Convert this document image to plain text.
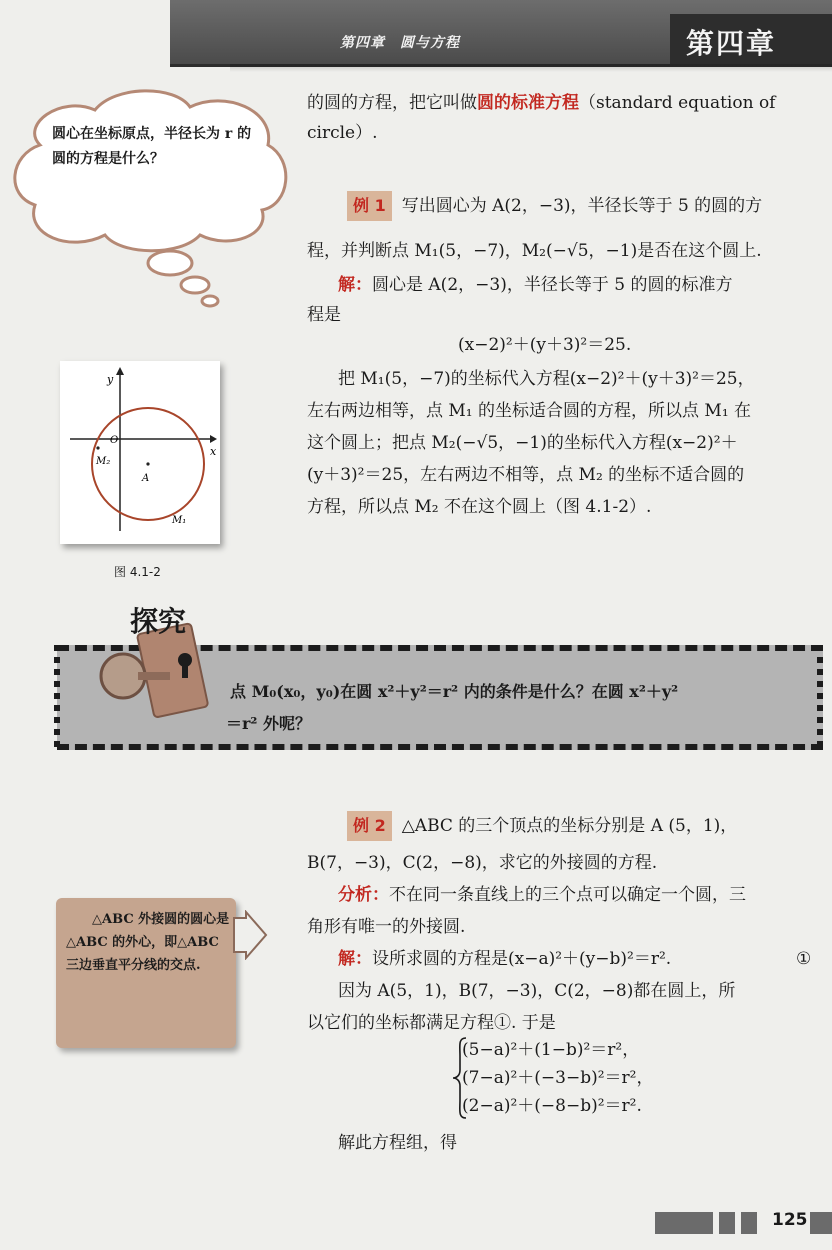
第四章　圆与方程	第四章
圆心在坐标原点，半径长为 r 的圆的方程是什么？
的圆的方程，把它叫做圆的标准方程（standard equation of
circle）.
例 1 写出圆心为 A(2，−3)，半径长等于 5 的圆的方
程，并判断点 M₁(5，−7)，M₂(−√5，−1)是否在这个圆上.
解：圆心是 A(2，−3)，半径长等于 5 的圆的标准方
程是
(x−2)²＋(y＋3)²＝25.
把 M₁(5，−7)的坐标代入方程(x−2)²＋(y＋3)²＝25，
左右两边相等，点 M₁ 的坐标适合圆的方程，所以点 M₁ 在
这个圆上；把点 M₂(−√5，−1)的坐标代入方程(x−2)²＋
(y＋3)²＝25，左右两边不相等，点 M₂ 的坐标不适合圆的
方程，所以点 M₂ 不在这个圆上（图 4.1-2）.
y
x
O
M₂
A
M₁
图 4.1-2
探究
点 M₀(x₀，y₀)在圆 x²＋y²＝r² 内的条件是什么？在圆 x²＋y²
＝r² 外呢？
例 2 △ABC 的三个顶点的坐标分别是 A (5，1)，
B(7，−3)，C(2，−8)，求它的外接圆的方程.
分析：不在同一条直线上的三个点可以确定一个圆，三
角形有唯一的外接圆.
解：设所求圆的方程是(x−a)²＋(y−b)²＝r².	①
因为 A(5，1)，B(7，−3)，C(2，−8)都在圆上，所
以它们的坐标都满足方程①. 于是
(5−a)²＋(1−b)²＝r²，
(7−a)²＋(−3−b)²＝r²，
(2−a)²＋(−8−b)²＝r².
解此方程组，得
△ABC 外接圆的圆心是△ABC 的外心，即△ABC 三边垂直平分线的交点.
125
